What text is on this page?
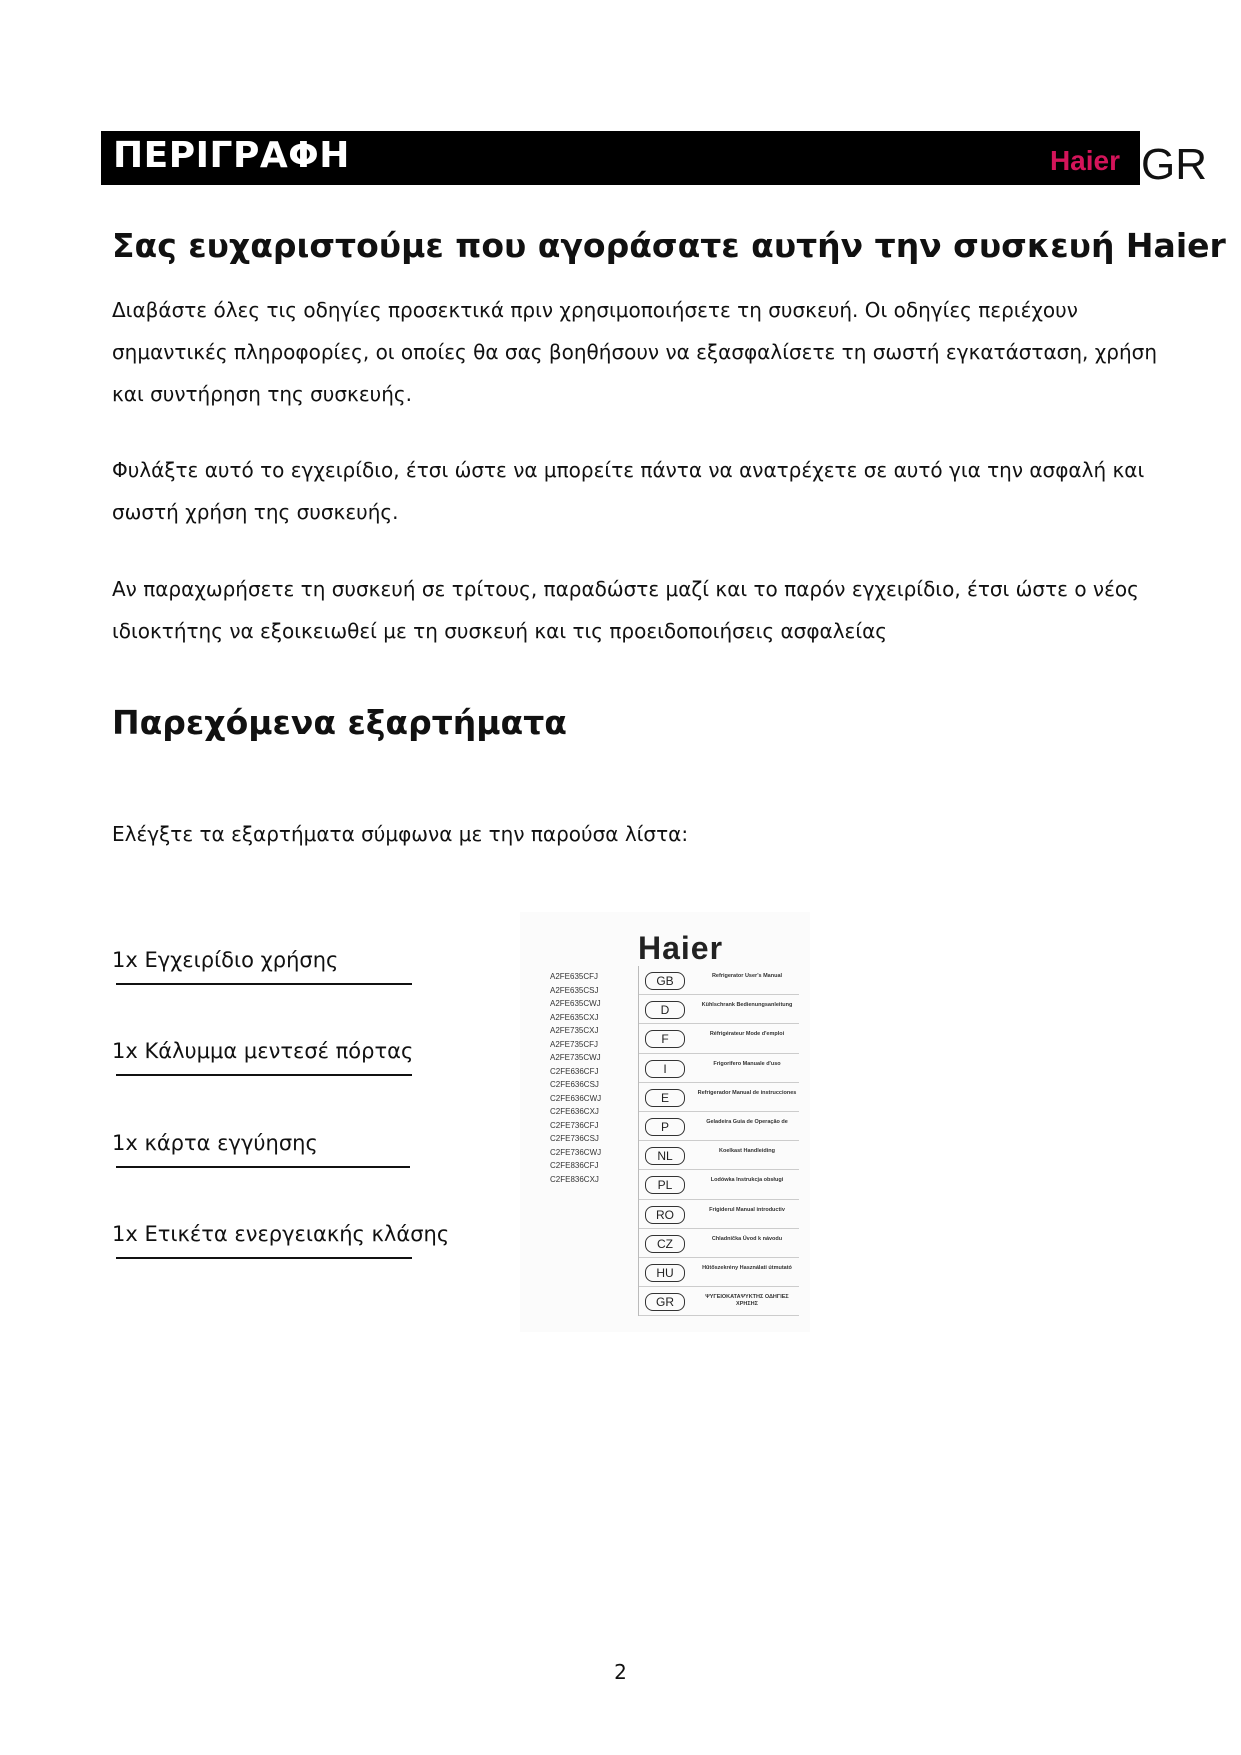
ΠΕΡΙΓΡΑΦΗ	Haier GR
Σας ευχαριστούμε που αγοράσατε αυτήν την συσκευή Haier

Διαβάστε όλες τις οδηγίες προσεκτικά πριν χρησιμοποιήσετε τη συσκευή. Οι οδηγίες περιέχουν σημαντικές πληροφορίες, οι οποίες θα σας βοηθήσουν να εξασφαλίσετε τη σωστή εγκατάσταση, χρήση και συντήρηση της συσκευής.

Φυλάξτε αυτό το εγχειρίδιο, έτσι ώστε να μπορείτε πάντα να ανατρέχετε σε αυτό για την ασφαλή και σωστή χρήση της συσκευής.

Αν παραχωρήσετε τη συσκευή σε τρίτους, παραδώστε μαζί και το παρόν εγχειρίδιο, έτσι ώστε ο νέος ιδιοκτήτης να εξοικειωθεί με τη συσκευή και τις προειδοποιήσεις ασφαλείας

Παρεχόμενα εξαρτήματα

Ελέγξτε τα εξαρτήματα σύμφωνα με την παρούσα λίστα:

1x Εγχειρίδιο χρήσης
1x Κάλυμμα μεντεσέ πόρτας
1x κάρτα εγγύησης
1x Ετικέτα ενεργειακής κλάσης
Haier
A2FE635CFJ
A2FE635CSJ
A2FE635CWJ
A2FE635CXJ
A2FE735CXJ
A2FE735CFJ
A2FE735CWJ
C2FE636CFJ
C2FE636CSJ
C2FE636CWJ
C2FE636CXJ
C2FE736CFJ
C2FE736CSJ
C2FE736CWJ
C2FE836CFJ
C2FE836CXJ
GB	Refrigerator User's Manual
D	Kühlschrank Bedienungsanleitung
F	Réfrigérateur Mode d'emploi
I	Frigorifero Manuale d'uso
E	Refrigerador Manual de instrucciones
P	Geladeira Guia de Operação de
NL	Koelkast Handleiding
PL	Lodówka Instrukcja obsługi
RO	Frigiderul Manual introductiv
CZ	Chladnička Úvod k návodu
HU	Hűtőszekrény Használati útmutató
GR	ΨΥΓΕΙΟΚΑΤΑΨΥΚΤΗΣ ΟΔΗΓΙΕΣ ΧΡΗΣΗΣ
2
